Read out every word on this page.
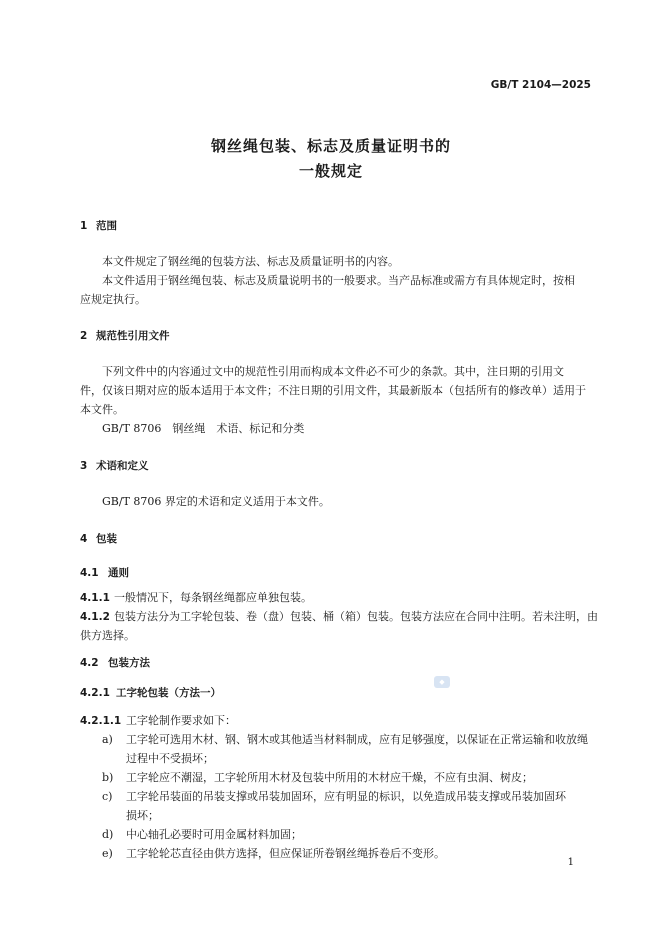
GB/T 2104—2025
钢丝绳包装、标志及质量证明书的
一般规定
1 范围
本文件规定了钢丝绳的包装方法、标志及质量证明书的内容。
本文件适用于钢丝绳包装、标志及质量说明书的一般要求。当产品标准或需方有具体规定时，按相
应规定执行。
2 规范性引用文件
下列文件中的内容通过文中的规范性引用而构成本文件必不可少的条款。其中，注日期的引用文
件，仅该日期对应的版本适用于本文件；不注日期的引用文件，其最新版本（包括所有的修改单）适用于
本文件。
GB/T 8706　钢丝绳　术语、标记和分类
3 术语和定义
GB/T 8706 界定的术语和定义适用于本文件。
4 包装
4.1 通则
4.1.1 一般情况下，每条钢丝绳都应单独包装。
4.1.2 包装方法分为工字轮包装、卷（盘）包装、桶（箱）包装。包装方法应在合同中注明。若未注明，由
供方选择。
4.2 包装方法
4.2.1 工字轮包装（方法一）
◆
4.2.1.1 工字轮制作要求如下：
a) 工字轮可选用木材、钢、钢木或其他适当材料制成，应有足够强度，以保证在正常运输和收放绳
过程中不受损坏；
b) 工字轮应不潮湿，工字轮所用木材及包装中所用的木材应干燥，不应有虫洞、树皮；
c) 工字轮吊装面的吊装支撑或吊装加固环，应有明显的标识，以免造成吊装支撑或吊装加固环
损坏；
d) 中心轴孔必要时可用金属材料加固；
e) 工字轮轮芯直径由供方选择，但应保证所卷钢丝绳拆卷后不变形。
1
